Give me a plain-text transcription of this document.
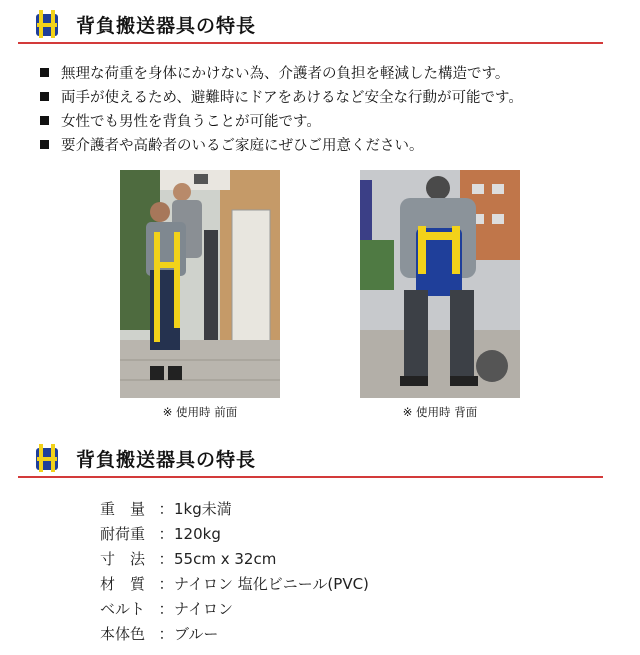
背負搬送器具の特長
無理な荷重を身体にかけない為、介護者の負担を軽減した構造です。
両手が使えるため、避難時にドアをあけるなど安全な行動が可能です。
女性でも男性を背負うことが可能です。
要介護者や高齢者のいるご家庭にぜひご用意ください。
※ 使用時 前面	※ 使用時 背面
背負搬送器具の特長
重　量 ： 1kg未満
耐荷重 ： 120kg
寸　法 ： 55cm x 32cm
材　質 ： ナイロン 塩化ビニール(PVC)
ベルト ： ナイロン
本体色 ： ブルー
